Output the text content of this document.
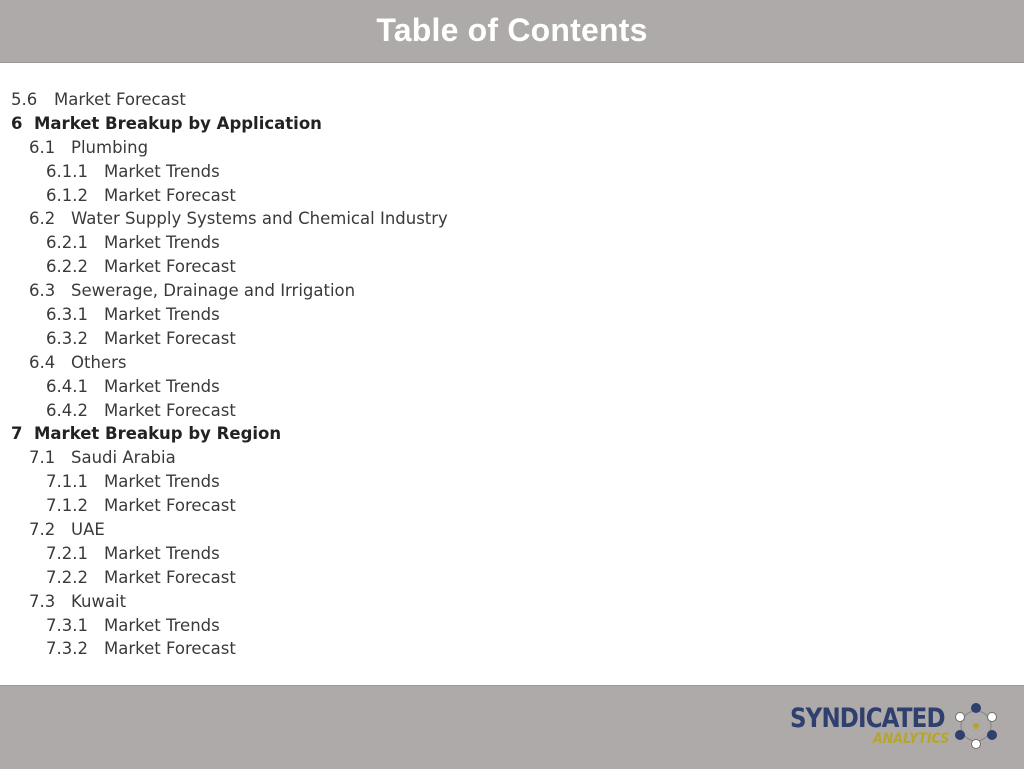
Table of Contents
5.6	Market Forecast
6 Market Breakup by Application
6.1 Plumbing
6.1.1 Market Trends
6.1.2 Market Forecast
6.2 Water Supply Systems and Chemical Industry
6.2.1 Market Trends
6.2.2 Market Forecast
6.3 Sewerage, Drainage and Irrigation
6.3.1 Market Trends
6.3.2 Market Forecast
6.4 Others
6.4.1 Market Trends
6.4.2 Market Forecast
7 Market Breakup by Region
7.1 Saudi Arabia
7.1.1 Market Trends
7.1.2 Market Forecast
7.2 UAE
7.2.1 Market Trends
7.2.2 Market Forecast
7.3 Kuwait
7.3.1 Market Trends
7.3.2 Market Forecast
SYNDICATED
ANALYTICS
